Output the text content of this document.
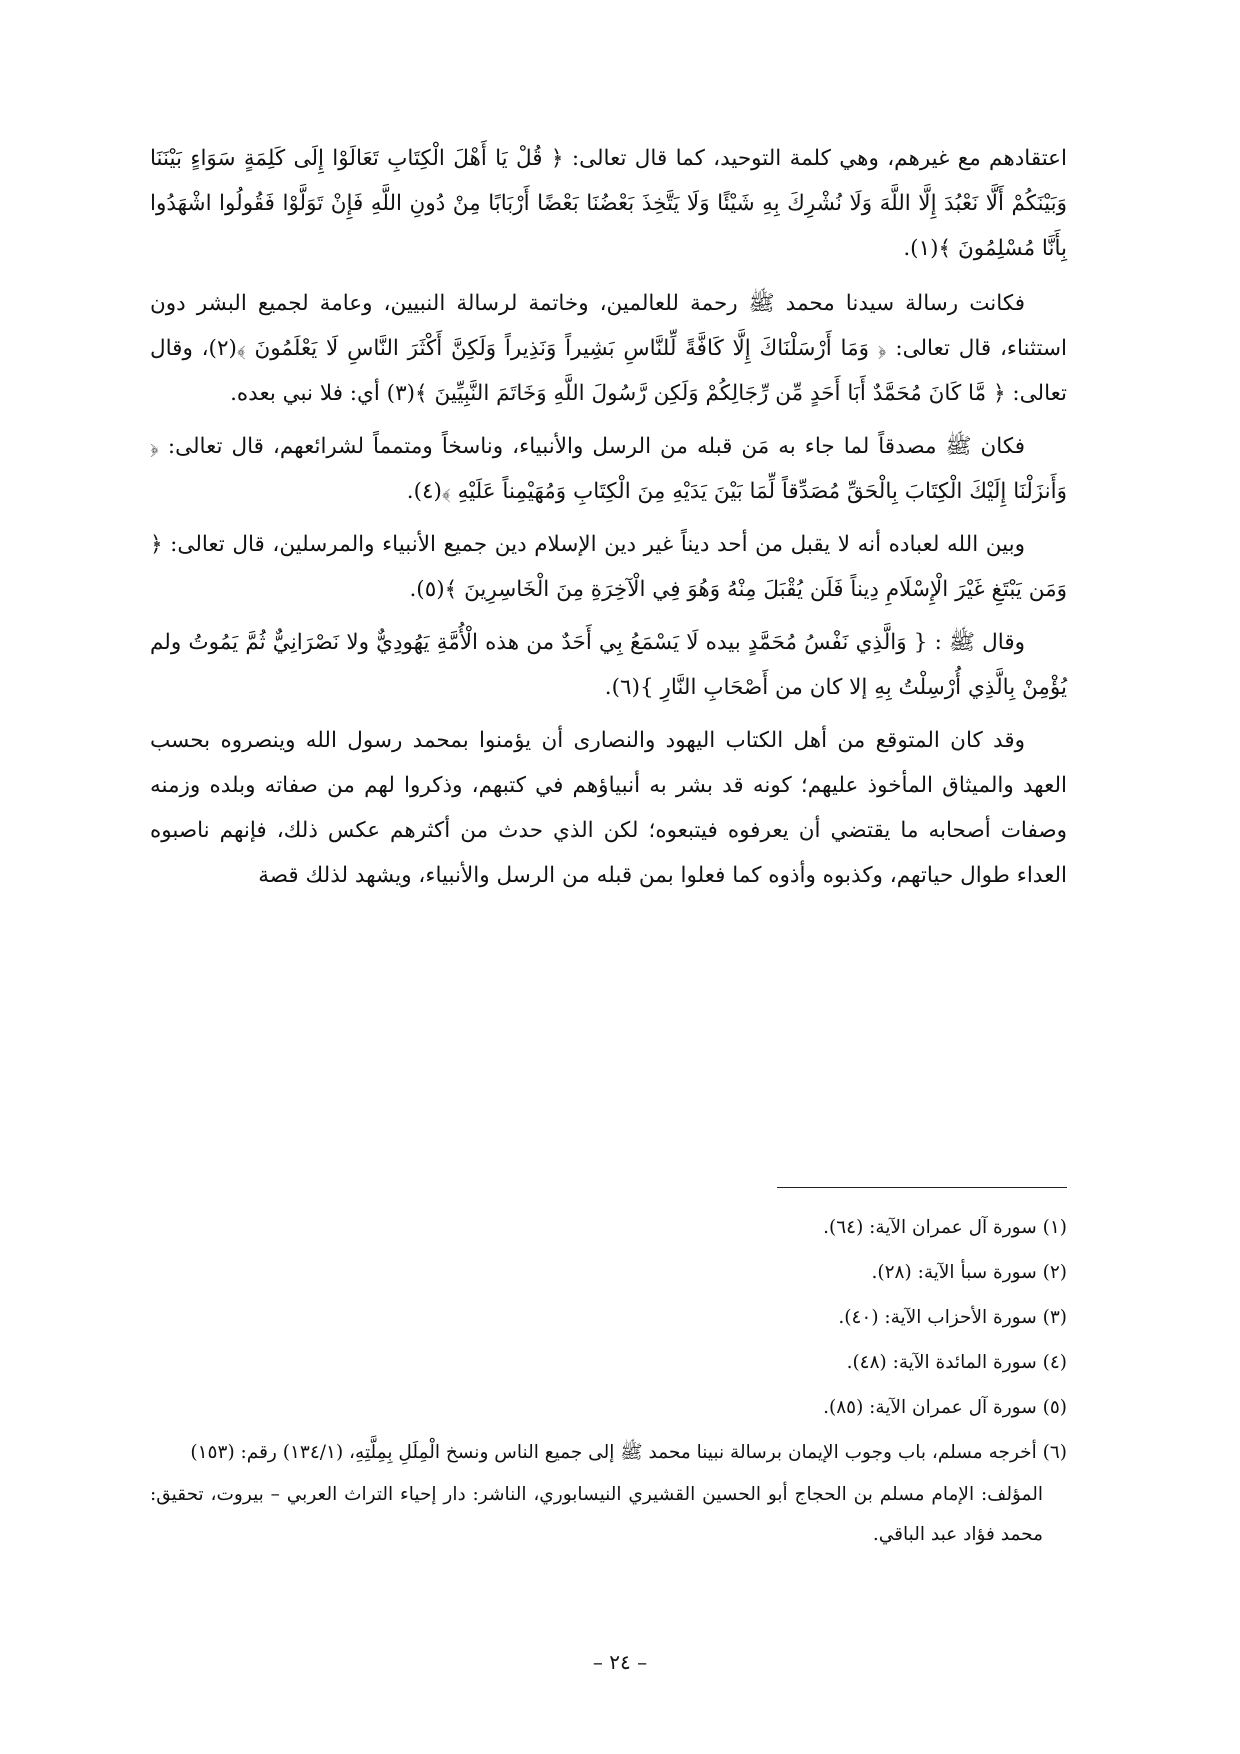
اعتقادهم مع غيرهم، وهي كلمة التوحيد، كما قال تعالى: ﴿ قُلْ يَا أَهْلَ الْكِتَابِ تَعَالَوْا إِلَى كَلِمَةٍ سَوَاءٍ بَيْنَنَا وَبَيْنَكُمْ أَلَّا نَعْبُدَ إِلَّا اللَّهَ وَلَا نُشْرِكَ بِهِ شَيْئًا وَلَا يَتَّخِذَ بَعْضُنَا بَعْضًا أَرْبَابًا مِنْ دُونِ اللَّهِ فَإِنْ تَوَلَّوْا فَقُولُوا اشْهَدُوا بِأَنَّا مُسْلِمُونَ ﴾(١).

فكانت رسالة سيدنا محمد ﷺ رحمة للعالمين، وخاتمة لرسالة النبيين، وعامة لجميع البشر دون استثناء، قال تعالى: ﴿ وَمَا أَرْسَلْنَاكَ إِلَّا كَافَّةً لِّلنَّاسِ بَشِيراً وَنَذِيراً وَلَكِنَّ أَكْثَرَ النَّاسِ لَا يَعْلَمُونَ ﴾(٢)، وقال تعالى: ﴿ مَّا كَانَ مُحَمَّدٌ أَبَا أَحَدٍ مِّن رِّجَالِكُمْ وَلَكِن رَّسُولَ اللَّهِ وَخَاتَمَ النَّبِيِّينَ ﴾(٣) أي: فلا نبي بعده.

فكان ﷺ مصدقاً لما جاء به مَن قبله من الرسل والأنبياء، وناسخاً ومتمماً لشرائعهم، قال تعالى: ﴿ وَأَنزَلْنَا إِلَيْكَ الْكِتَابَ بِالْحَقِّ مُصَدِّقاً لِّمَا بَيْنَ يَدَيْهِ مِنَ الْكِتَابِ وَمُهَيْمِناً عَلَيْهِ ﴾(٤).

وبين الله لعباده أنه لا يقبل من أحد ديناً غير دين الإسلام دين جميع الأنبياء والمرسلين، قال تعالى: ﴿ وَمَن يَبْتَغِ غَيْرَ الْإِسْلَامِ دِيناً فَلَن يُقْبَلَ مِنْهُ وَهُوَ فِي الْآخِرَةِ مِنَ الْخَاسِرِينَ ﴾(٥).

وقال ﷺ : { وَالَّذِي نَفْسُ مُحَمَّدٍ بيده لَا يَسْمَعُ بِي أَحَدٌ من هذه الْأُمَّةِ يَهُودِيٌّ ولا نَصْرَانِيٌّ ثُمَّ يَمُوتُ ولم يُؤْمِنْ بِالَّذِي أُرْسِلْتُ بِهِ إلا كان من أَصْحَابِ النَّارِ }(٦).

وقد كان المتوقع من أهل الكتاب اليهود والنصارى أن يؤمنوا بمحمد رسول الله وينصروه بحسب العهد والميثاق المأخوذ عليهم؛ كونه قد بشر به أنبياؤهم في كتبهم، وذكروا لهم من صفاته وبلده وزمنه وصفات أصحابه ما يقتضي أن يعرفوه فيتبعوه؛ لكن الذي حدث من أكثرهم عكس ذلك، فإنهم ناصبوه العداء طوال حياتهم، وكذبوه وأذوه كما فعلوا بمن قبله من الرسل والأنبياء، ويشهد لذلك قصة

(١) سورة آل عمران الآية: (٦٤).

(٢) سورة سبأ الآية: (٢٨).

(٣) سورة الأحزاب الآية: (٤٠).

(٤) سورة المائدة الآية: (٤٨).

(٥) سورة آل عمران الآية: (٨٥).

(٦) أخرجه مسلم، باب وجوب الإيمان برسالة نبينا محمد ﷺ إلى جميع الناس ونسخ الْمِلَلِ بِمِلَّتِهِ، (١٣٤/١) رقم: (١٥٣)

المؤلف: الإمام مسلم بن الحجاج أبو الحسين القشيري النيسابوري، الناشر: دار إحياء التراث العربي – بيروت، تحقيق: محمد فؤاد عبد الباقي.

– ٢٤ –
